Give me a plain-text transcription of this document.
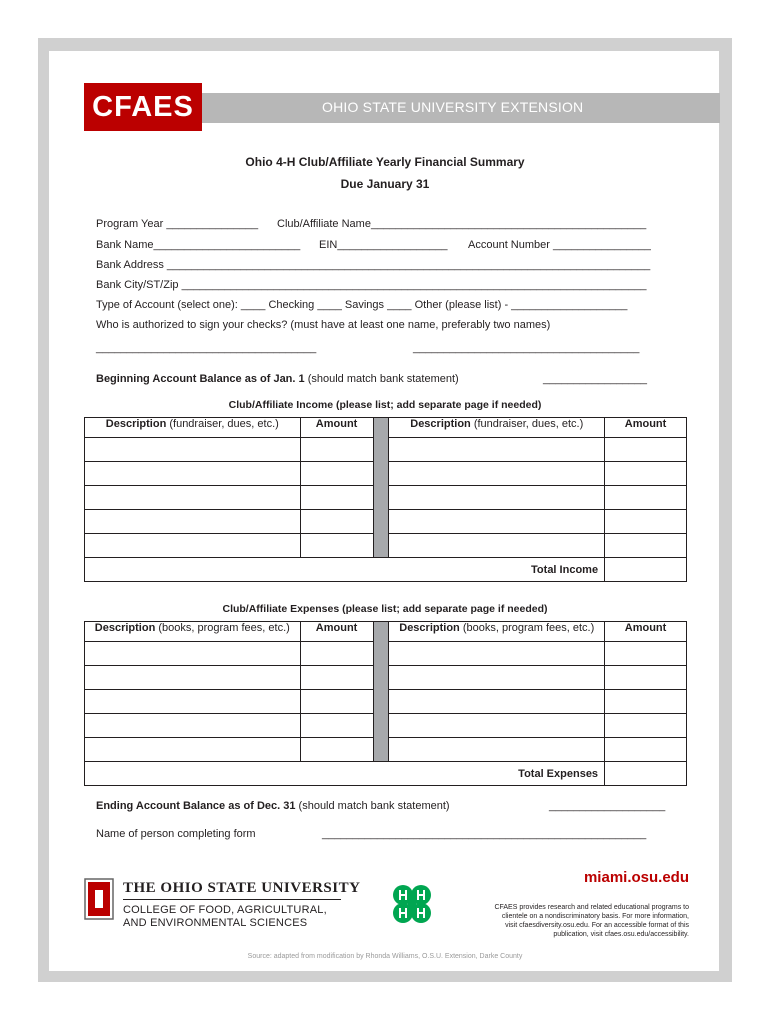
OHIO STATE UNIVERSITY EXTENSION
CFAES
Ohio 4-H Club/Affiliate Yearly Financial Summary
Due January 31
Program Year _______________ Club/Affiliate Name_____________________________________________
Bank Name________________________ EIN__________________ Account Number ________________
Bank Address _______________________________________________________________________________
Bank City/ST/Zip ____________________________________________________________________________
Type of Account (select one): ____ Checking ____ Savings ____ Other (please list) - ___________________
Who is authorized to sign your checks? (must have at least one name, preferably two names)
____________________________________	_____________________________________
Beginning Account Balance as of Jan. 1 (should match bank statement)	_________________
Club/Affiliate Income (please list; add separate page if needed)
Description (fundraiser, dues, etc.)	Amount		Description (fundraiser, dues, etc.)	Amount

Total Income				
Club/Affiliate Expenses (please list; add separate page if needed)
Description (books, program fees, etc.)	Amount		Description (books, program fees, etc.)	Amount

Total Expenses				
Ending Account Balance as of Dec. 31 (should match bank statement)	___________________
Name of person completing form	_____________________________________________________
THE OHIO STATE UNIVERSITY
COLLEGE OF FOOD, AGRICULTURAL,
AND ENVIRONMENTAL SCIENCES
miami.osu.edu
CFAES provides research and related educational programs to
clientele on a nondiscriminatory basis. For more information,
visit cfaesdiversity.osu.edu. For an accessible format of this
publication, visit cfaes.osu.edu/accessibility.
Source: adapted from modification by Rhonda Williams, O.S.U. Extension, Darke County
